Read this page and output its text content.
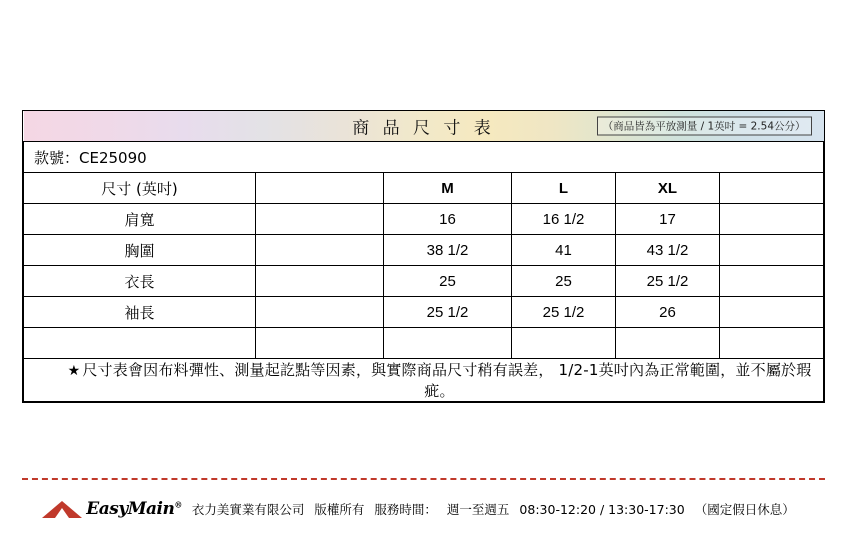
商 品 尺 寸 表 （商品皆為平放測量 / 1英吋 = 2.54公分）					

款號：CE25090					
尺寸 (英吋)		M	L	XL	
肩寬		16	16 1/2	17	
胸圍		38 1/2	41	43 1/2	
衣長		25	25	25 1/2	
袖長		25 1/2	25 1/2	26	

★ 尺寸表會因布料彈性、測量起訖點等因素，與實際商品尺寸稍有誤差， 1/2-1英吋內為正常範圍，並不屬於瑕疵。					
EasyMain® 衣力美實業有限公司 版權所有 服務時間： 週一至週五 08:30-12:20 / 13:30-17:30 （國定假日休息）
